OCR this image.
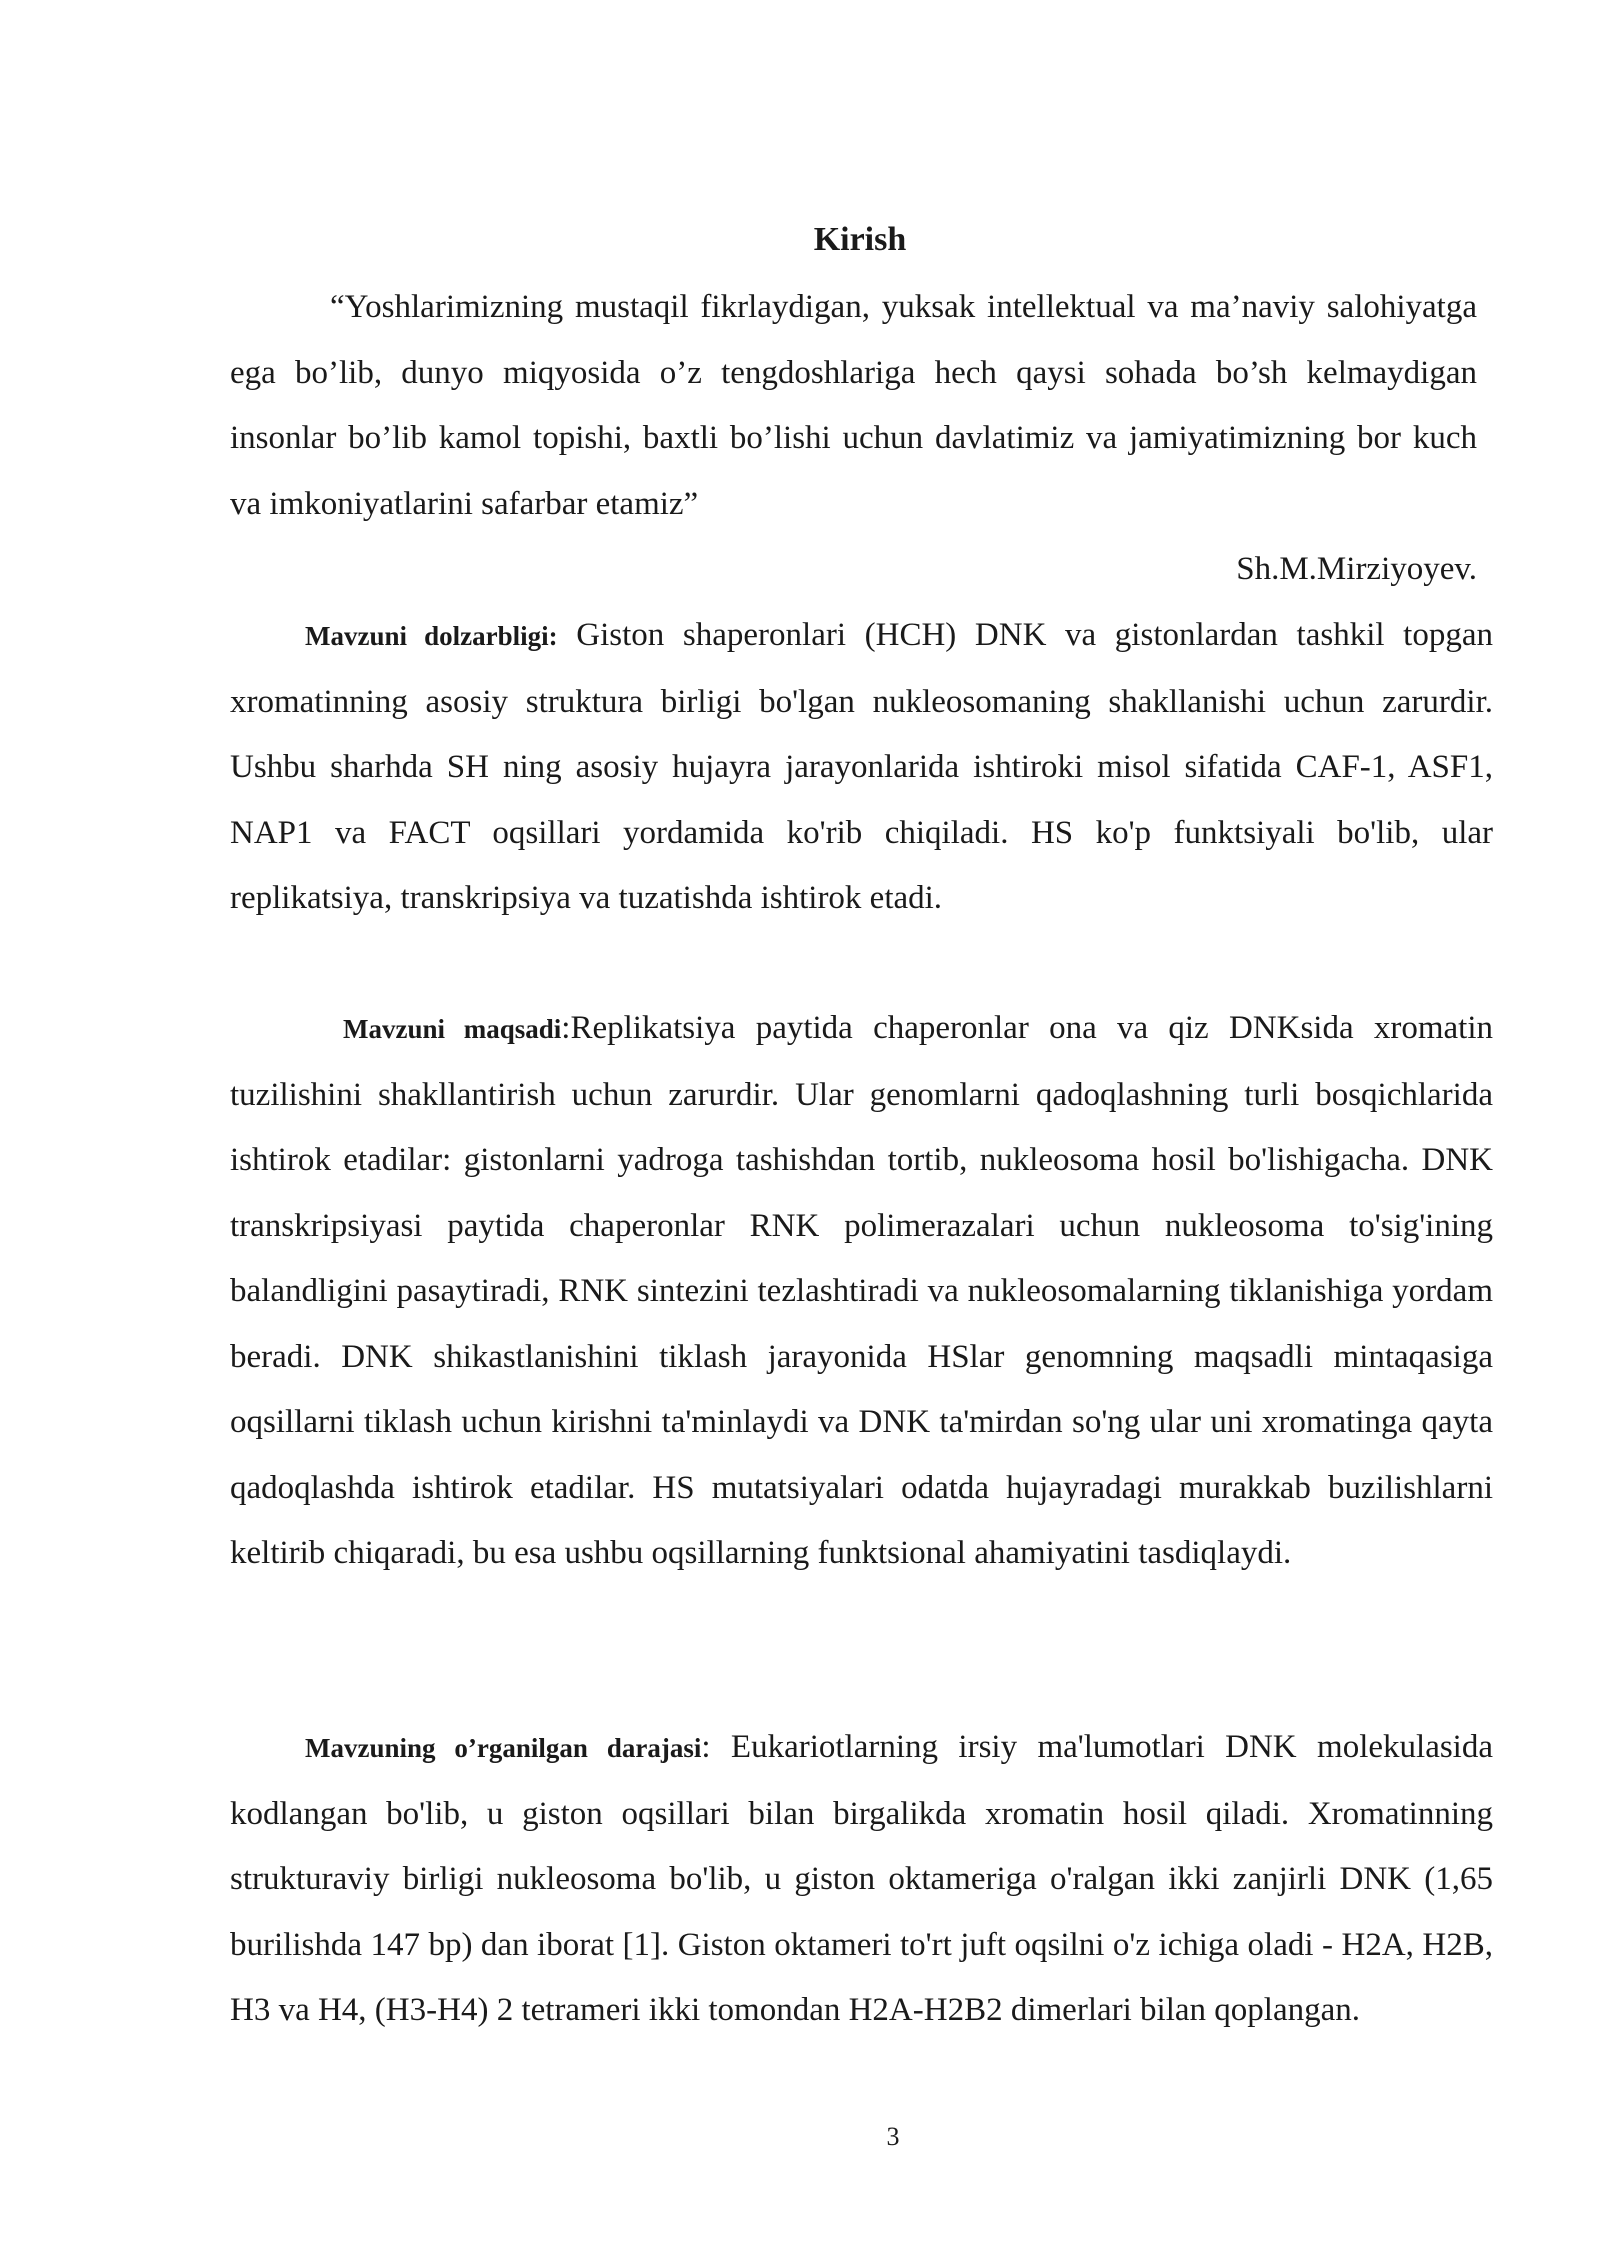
Kirish
“Yoshlarimizning mustaqil fikrlaydigan, yuksak intellektual va ma’naviy salohiyatga ega bo’lib, dunyo miqyosida o’z tengdoshlariga hech qaysi sohada bo’sh kelmaydigan insonlar bo’lib kamol topishi, baxtli bo’lishi uchun davlatimiz va jamiyatimizning bor kuch va imkoniyatlarini safarbar etamiz”
Sh.M.Mirziyoyev.
Mavzuni dolzarbligi: Giston shaperonlari (HCH) DNK va gistonlardan tashkil topgan xromatinning asosiy struktura birligi bo'lgan nukleosomaning shakllanishi uchun zarurdir. Ushbu sharhda SH ning asosiy hujayra jarayonlarida ishtiroki misol sifatida CAF-1, ASF1, NAP1 va FACT oqsillari yordamida ko'rib chiqiladi. HS ko'p funktsiyali bo'lib, ular replikatsiya, transkripsiya va tuzatishda ishtirok etadi.
Mavzuni maqsadi:Replikatsiya paytida chaperonlar ona va qiz DNKsida xromatin tuzilishini shakllantirish uchun zarurdir. Ular genomlarni qadoqlashning turli bosqichlarida ishtirok etadilar: gistonlarni yadroga tashishdan tortib, nukleosoma hosil bo'lishigacha. DNK transkripsiyasi paytida chaperonlar RNK polimerazalari uchun nukleosoma to'sig'ining balandligini pasaytiradi, RNK sintezini tezlashtiradi va nukleosomalarning tiklanishiga yordam beradi. DNK shikastlanishini tiklash jarayonida HSlar genomning maqsadli mintaqasiga oqsillarni tiklash uchun kirishni ta'minlaydi va DNK ta'mirdan so'ng ular uni xromatinga qayta qadoqlashda ishtirok etadilar. HS mutatsiyalari odatda hujayradagi murakkab buzilishlarni keltirib chiqaradi, bu esa ushbu oqsillarning funktsional ahamiyatini tasdiqlaydi.
Mavzuning o’rganilgan darajasi: Eukariotlarning irsiy ma'lumotlari DNK molekulasida kodlangan bo'lib, u giston oqsillari bilan birgalikda xromatin hosil qiladi. Xromatinning strukturaviy birligi nukleosoma bo'lib, u giston oktameriga o'ralgan ikki zanjirli DNK (1,65 burilishda 147 bp) dan iborat [1]. Giston oktameri to'rt juft oqsilni o'z ichiga oladi - H2A, H2B, H3 va H4, (H3-H4) 2 tetrameri ikki tomondan H2A-H2B2 dimerlari bilan qoplangan.
3
